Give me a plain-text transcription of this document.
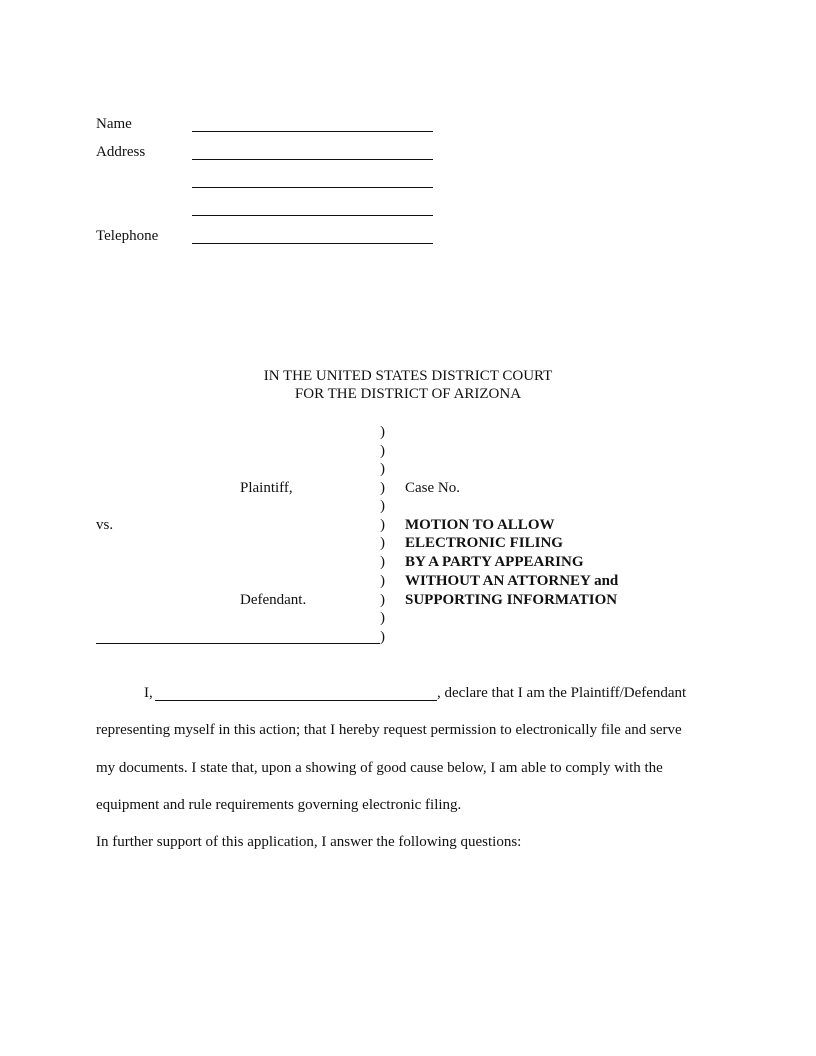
Name
Address
Telephone
IN THE UNITED STATES DISTRICT COURT
FOR THE DISTRICT OF ARIZONA
Plaintiff,
vs.
Defendant.
)
)
)
)
)
)
)
)
)
)
)
)
Case No.
MOTION TO ALLOW
ELECTRONIC FILING
BY A PARTY APPEARING
WITHOUT AN ATTORNEY and
SUPPORTING INFORMATION
I,	, declare that I am the Plaintiff/Defendant
representing myself in this action; that I hereby request permission to electronically file and serve
my documents. I state that, upon a showing of good cause below, I am able to comply with the
equipment and rule requirements governing electronic filing.
In further support of this application, I answer the following questions:
